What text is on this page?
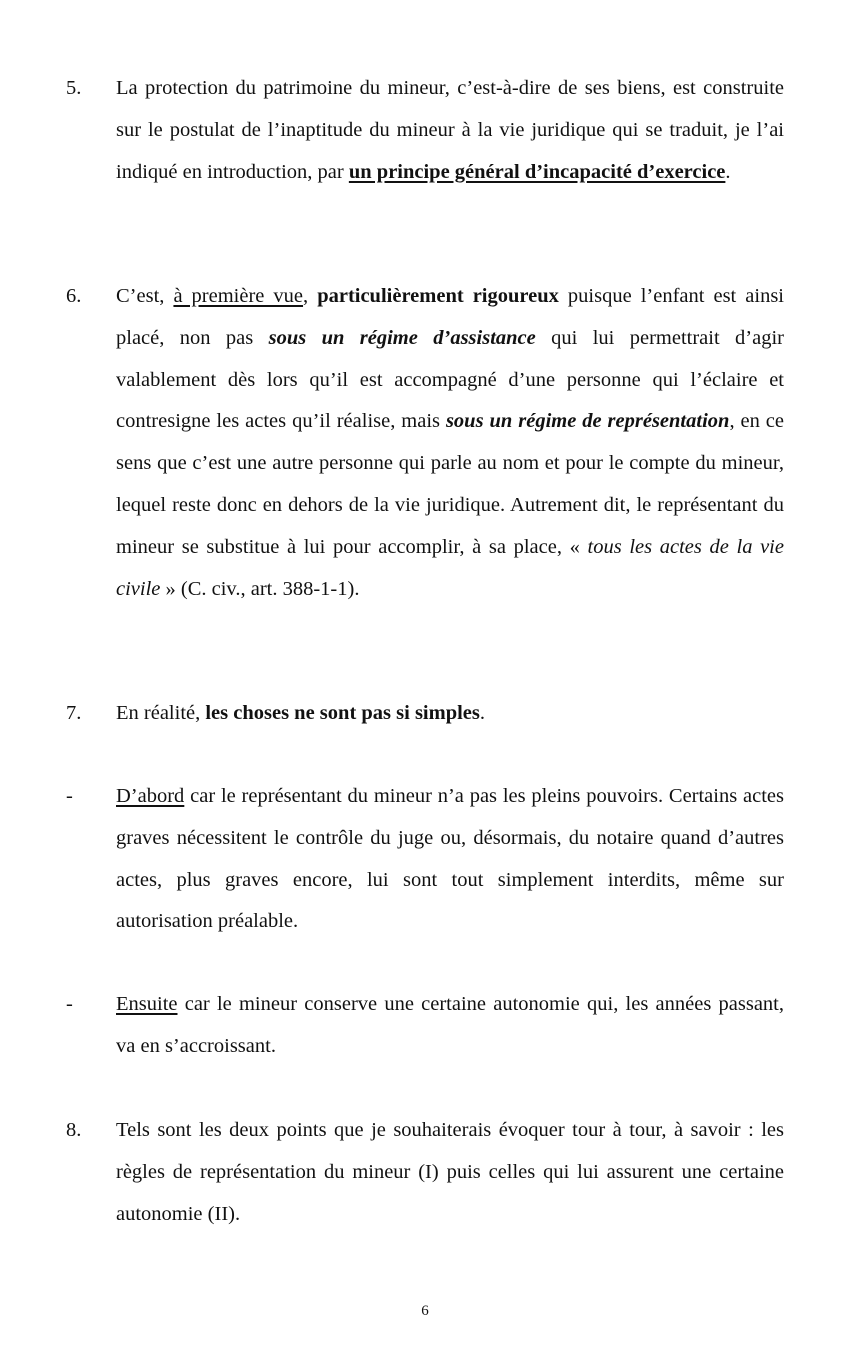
5.	La protection du patrimoine du mineur, c’est-à-dire de ses biens, est construite sur le postulat de l’inaptitude du mineur à la vie juridique qui se traduit, je l’ai indiqué en introduction, par un principe général d’incapacité d’exercice.
6.	C’est, à première vue, particulièrement rigoureux puisque l’enfant est ainsi placé, non pas sous un régime d’assistance qui lui permettrait d’agir valablement dès lors qu’il est accompagné d’une personne qui l’éclaire et contresigne les actes qu’il réalise, mais sous un régime de représentation, en ce sens que c’est une autre personne qui parle au nom et pour le compte du mineur, lequel reste donc en dehors de la vie juridique. Autrement dit, le représentant du mineur se substitue à lui pour accomplir, à sa place, « tous les actes de la vie civile » (C. civ., art. 388-1-1).
7.	En réalité, les choses ne sont pas si simples.
-	D’abord car le représentant du mineur n’a pas les pleins pouvoirs. Certains actes graves nécessitent le contrôle du juge ou, désormais, du notaire quand d’autres actes, plus graves encore, lui sont tout simplement interdits, même sur autorisation préalable.
-	Ensuite car le mineur conserve une certaine autonomie qui, les années passant, va en s’accroissant.
8.	Tels sont les deux points que je souhaiterais évoquer tour à tour, à savoir : les règles de représentation du mineur (I) puis celles qui lui assurent une certaine autonomie (II).
6
